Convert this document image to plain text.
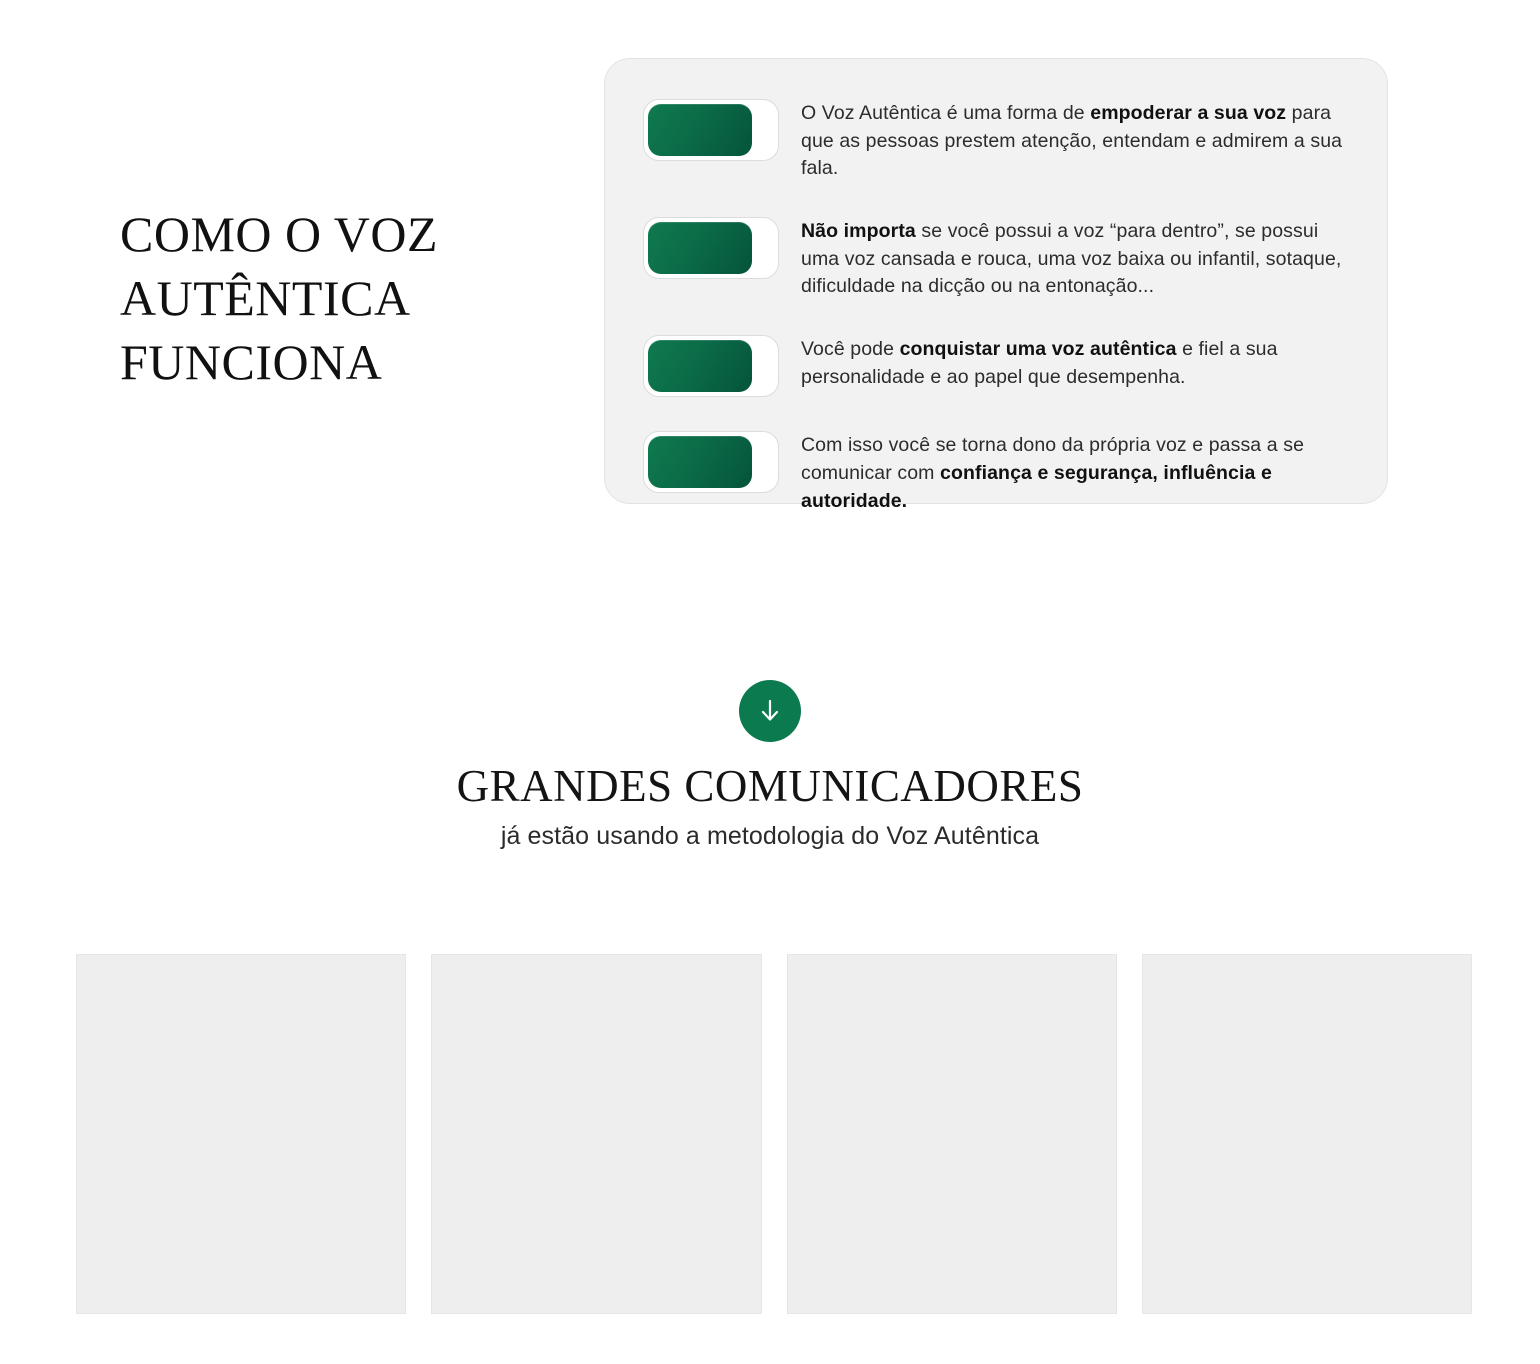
COMO O VOZ
AUTÊNTICA
FUNCIONA
O Voz Autêntica é uma forma de empoderar a sua voz para que as pessoas prestem atenção, entendam e admirem a sua fala.
Não importa se você possui a voz “para dentro”, se possui uma voz cansada e rouca, uma voz baixa ou infantil, sotaque, dificuldade na dicção ou na entonação...
Você pode conquistar uma voz autêntica e fiel a sua personalidade e ao papel que desempenha.
Com isso você se torna dono da própria voz e passa a se comunicar com confiança e segurança, influência e autoridade.
GRANDES COMUNICADORES
já estão usando a metodologia do Voz Autêntica
